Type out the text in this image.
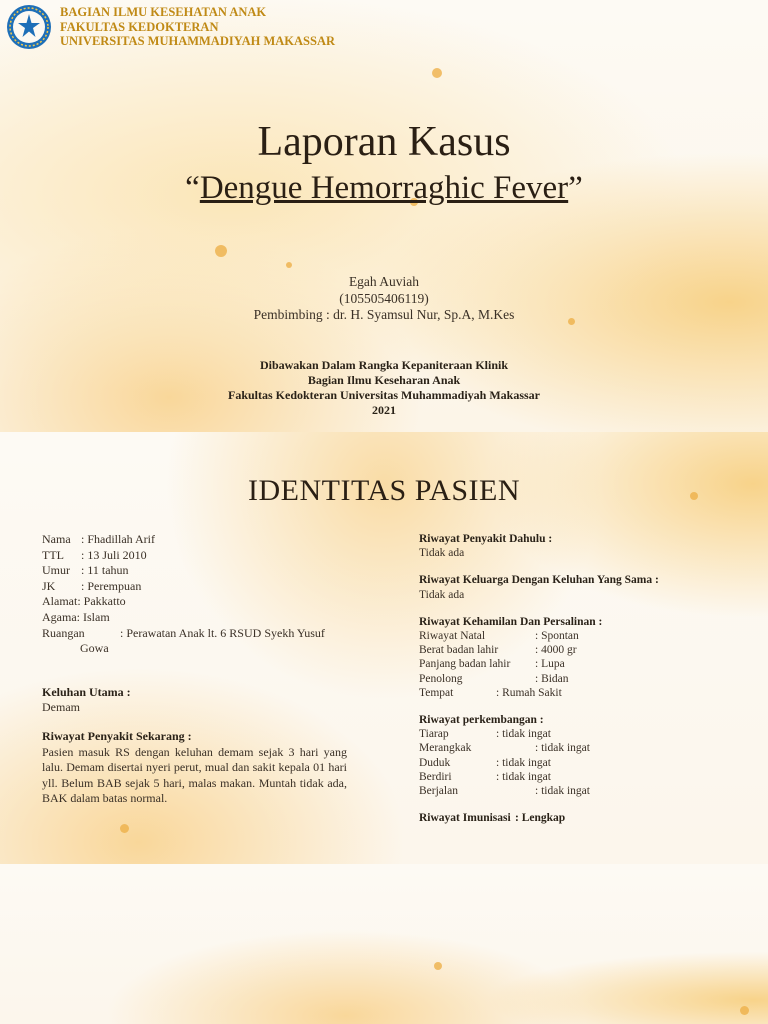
BAGIAN ILMU KESEHATAN ANAK
FAKULTAS KEDOKTERAN
UNIVERSITAS MUHAMMADIYAH MAKASSAR
Laporan Kasus
“Dengue Hemorraghic Fever”
Egah Auviah
(105505406119)
Pembimbing : dr. H. Syamsul Nur, Sp.A, M.Kes
Dibawakan Dalam Rangka Kepaniteraan Klinik
Bagian Ilmu Keseharan Anak
Fakultas Kedokteran Universitas Muhammadiyah Makassar
2021
IDENTITAS PASIEN
Nama : Fhadillah Arif
TTL : 13 Juli 2010
Umur : 11 tahun
JK : Perempuan
Alamat: Pakkatto
Agama: Islam
Ruangan	: Perawatan Anak lt. 6 RSUD Syekh Yusuf
Gowa
Keluhan Utama :
Demam
Riwayat Penyakit Sekarang :
Pasien masuk RS dengan keluhan demam sejak 3 hari yang lalu. Demam disertai nyeri perut, mual dan sakit kepala 01 hari yll. Belum BAB sejak 5 hari, malas makan. Muntah tidak ada, BAK dalam batas normal.
Riwayat Penyakit Dahulu :
Tidak ada
Riwayat Keluarga Dengan Keluhan Yang Sama :
Tidak ada
Riwayat Kehamilan Dan Persalinan :
Riwayat Natal	: Spontan
Berat badan lahir	: 4000 gr
Panjang badan lahir : Lupa
Penolong	: Bidan
Tempat	: Rumah Sakit
Riwayat perkembangan :
Tiarap	: tidak ingat
Merangkak	: tidak ingat
Duduk	: tidak ingat
Berdiri	: tidak ingat
Berjalan	: tidak ingat
Riwayat Imunisasi : Lengkap
